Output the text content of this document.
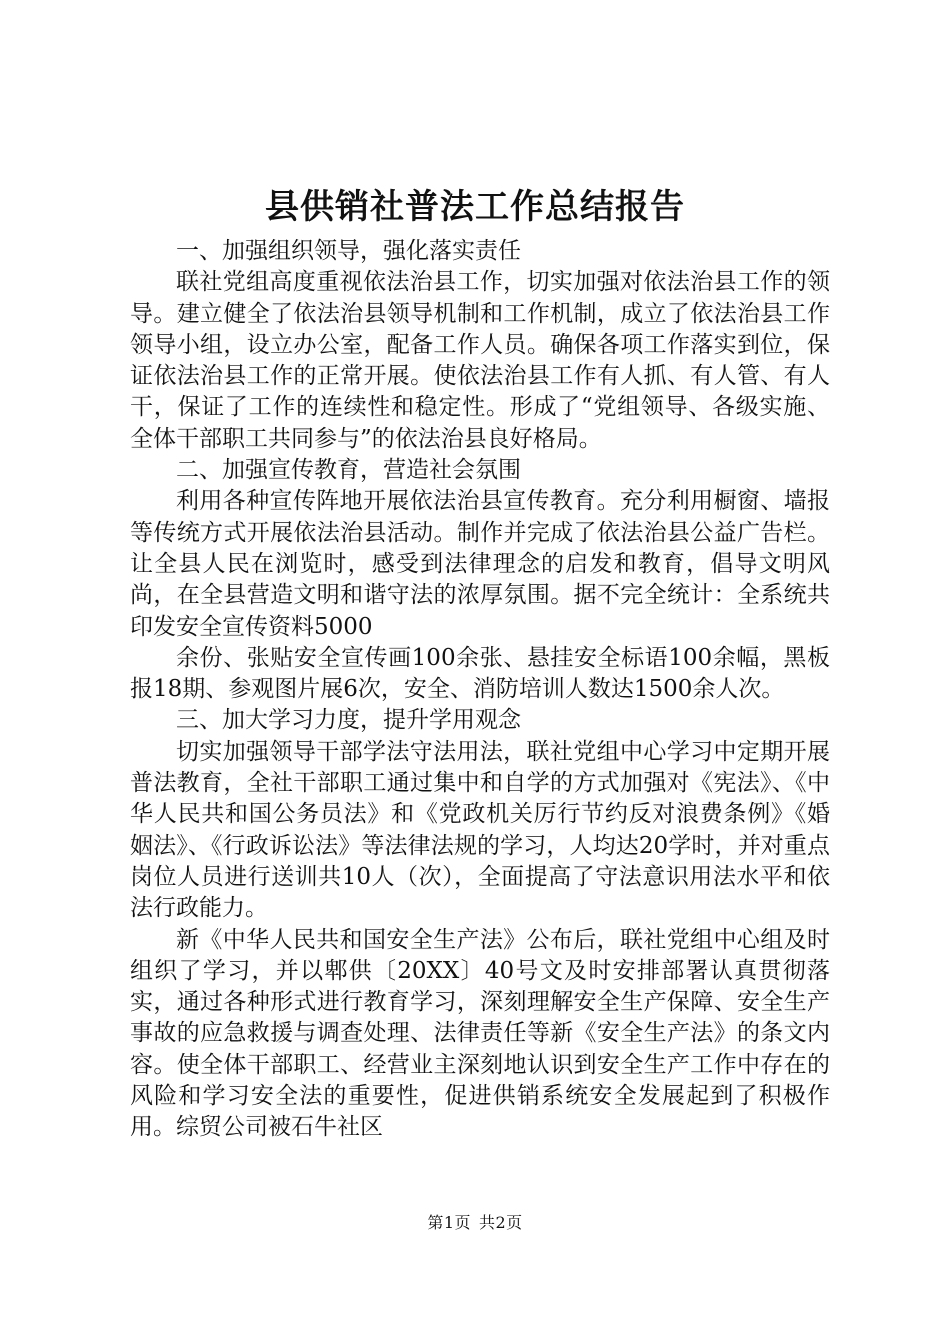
县供销社普法工作总结报告

一、加强组织领导，强化落实责任

联社党组高度重视依法治县工作，切实加强对依法治县工作的领导。建立健全了依法治县领导机制和工作机制，成立了依法治县工作领导小组，设立办公室，配备工作人员。确保各项工作落实到位，保证依法治县工作的正常开展。使依法治县工作有人抓、有人管、有人干，保证了工作的连续性和稳定性。形成了“党组领导、各级实施、全体干部职工共同参与”的依法治县良好格局。

二、加强宣传教育，营造社会氛围

利用各种宣传阵地开展依法治县宣传教育。充分利用橱窗、墙报等传统方式开展依法治县活动。制作并完成了依法治县公益广告栏。让全县人民在浏览时，感受到法律理念的启发和教育，倡导文明风尚，在全县营造文明和谐守法的浓厚氛围。据不完全统计：全系统共印发安全宣传资料5000

余份、张贴安全宣传画100余张、悬挂安全标语100余幅，黑板报18期、参观图片展6次，安全、消防培训人数达1500余人次。

三、加大学习力度，提升学用观念

切实加强领导干部学法守法用法，联社党组中心学习中定期开展普法教育，全社干部职工通过集中和自学的方式加强对《宪法》、《中华人民共和国公务员法》和《党政机关厉行节约反对浪费条例》《婚姻法》、《行政诉讼法》等法律法规的学习，人均达20学时，并对重点岗位人员进行送训共10人（次），全面提高了守法意识用法水平和依法行政能力。

新《中华人民共和国安全生产法》公布后，联社党组中心组及时组织了学习，并以郫供〔20XX〕40号文及时安排部署认真贯彻落实，通过各种形式进行教育学习，深刻理解安全生产保障、安全生产事故的应急救援与调查处理、法律责任等新《安全生产法》的条文内容。使全体干部职工、经营业主深刻地认识到安全生产工作中存在的风险和学习安全法的重要性，促进供销系统安全发展起到了积极作用。综贸公司被石牛社区

第1页 共2页
